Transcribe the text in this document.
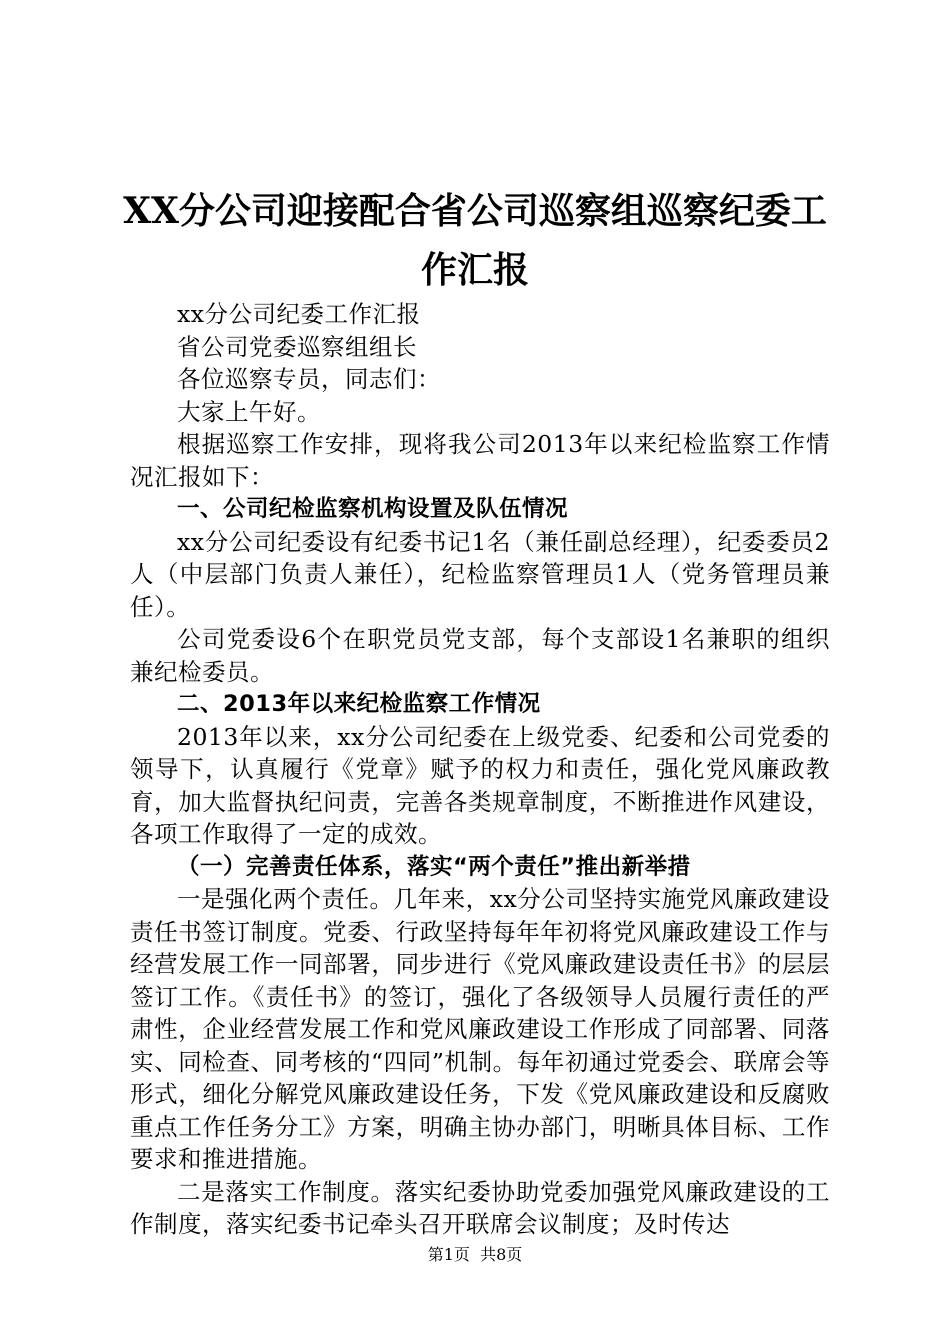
XX分公司迎接配合省公司巡察组巡察纪委工
作汇报

xx分公司纪委工作汇报

省公司党委巡察组组长

各位巡察专员，同志们：

大家上午好。

根据巡察工作安排，现将我公司2013年以来纪检监察工作情况汇报如下：

一、公司纪检监察机构设置及队伍情况

xx分公司纪委设有纪委书记1名（兼任副总经理），纪委委员2人（中层部门负责人兼任），纪检监察管理员1人（党务管理员兼任）。

公司党委设6个在职党员党支部，每个支部设1名兼职的组织兼纪检委员。

二、2013年以来纪检监察工作情况

2013年以来，xx分公司纪委在上级党委、纪委和公司党委的领导下，认真履行《党章》赋予的权力和责任，强化党风廉政教育，加大监督执纪问责，完善各类规章制度，不断推进作风建设，各项工作取得了一定的成效。

（一）完善责任体系，落实“两个责任”推出新举措

一是强化两个责任。几年来，xx分公司坚持实施党风廉政建设责任书签订制度。党委、行政坚持每年年初将党风廉政建设工作与经营发展工作一同部署，同步进行《党风廉政建设责任书》的层层签订工作。《责任书》的签订，强化了各级领导人员履行责任的严肃性，企业经营发展工作和党风廉政建设工作形成了同部署、同落实、同检查、同考核的“四同”机制。每年初通过党委会、联席会等形式，细化分解党风廉政建设任务，下发《党风廉政建设和反腐败重点工作任务分工》方案，明确主协办部门，明晰具体目标、工作要求和推进措施。

二是落实工作制度。落实纪委协助党委加强党风廉政建设的工作制度，落实纪委书记牵头召开联席会议制度；及时传达

第1页  共8页
